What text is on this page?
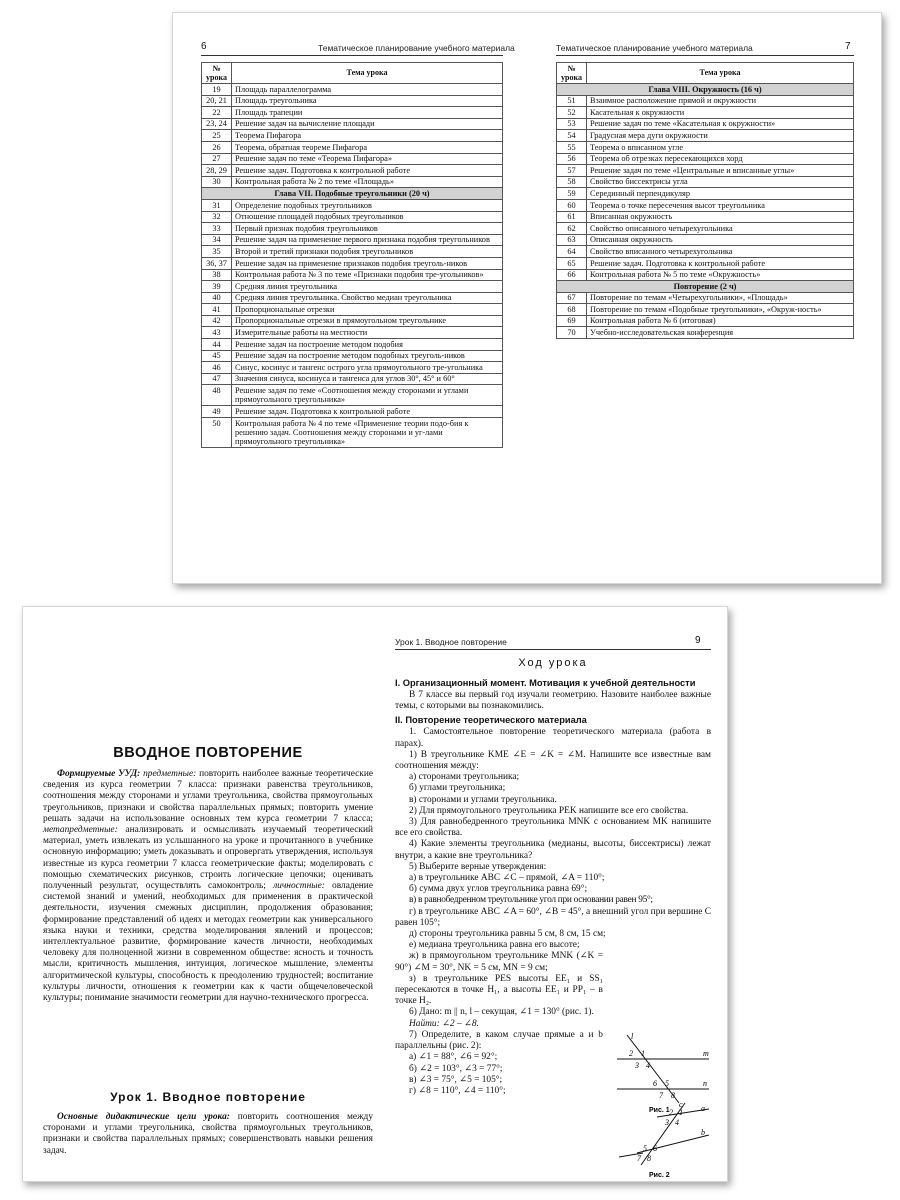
6	Тематическое планирование учебного материала	Тематическое планирование учебного материала	7
№ урока	Тема урока
19	Площадь параллелограмма
20, 21	Площадь треугольника
22	Площадь трапеции
23, 24	Решение задач на вычисление площади
25	Теорема Пифагора
26	Теорема, обратная теореме Пифагора
27	Решение задач по теме «Теорема Пифагора»
28, 29	Решение задач. Подготовка к контрольной работе
30	Контрольная работа № 2 по теме «Площадь»
Глава VII. Подобные треугольники (20 ч)	
31	Определение подобных треугольников
32	Отношение площадей подобных треугольников
33	Первый признак подобия треугольников
34	Решение задач на применение первого признака подобия треугольников
35	Второй и третий признаки подобия треугольников
36, 37	Решение задач на применение признаков подобия треуголь-ников
38	Контрольная работа № 3 по теме «Признаки подобия тре-угольников»
39	Средняя линия треугольника
40	Средняя линия треугольника. Свойство медиан треугольника
41	Пропорциональные отрезки
42	Пропорциональные отрезки в прямоугольном треугольнике
43	Измерительные работы на местности
44	Решение задач на построение методом подобия
45	Решение задач на построение методом подобных треуголь-ников
46	Синус, косинус и тангенс острого угла прямоугольного тре-угольника
47	Значения синуса, косинуса и тангенса для углов 30°, 45° и 60°
48	Решение задач по теме «Соотношения между сторонами и углами прямоугольного треугольника»
49	Решение задач. Подготовка к контрольной работе
50	Контрольная работа № 4 по теме «Применение теории подо-бия к решению задач. Соотношения между сторонами и уг-лами прямоугольного треугольника»
№ урока	Тема урока
Глава VIII. Окружность (16 ч)	
51	Взаимное расположение прямой и окружности
52	Касательная к окружности
53	Решение задач по теме «Касательная к окружности»
54	Градусная мера дуги окружности
55	Теорема о вписанном угле
56	Теорема об отрезках пересекающихся хорд
57	Решение задач по теме «Центральные и вписанные углы»
58	Свойство биссектрисы угла
59	Серединный перпендикуляр
60	Теорема о точке пересечения высот треугольника
61	Вписанная окружность
62	Свойство описанного четырехугольника
63	Описанная окружность
64	Свойство вписанного четырехугольника
65	Решение задач. Подготовка к контрольной работе
66	Контрольная работа № 5 по теме «Окружность»
Повторение (2 ч)	
67	Повторение по темам «Четырехугольники», «Площадь»
68	Повторение по темам «Подобные треугольники», «Окруж-ность»
69	Контрольная работа № 6 (итоговая)
70	Учебно-исследовательская конференция
ВВОДНОЕ ПОВТОРЕНИЕ

Формируемые УУД: предметные: повторить наиболее важные теоретические сведения из курса геометрии 7 класса: признаки равенства треугольников, соотношения между сторонами и углами треугольника, свойства прямоугольных треугольников, признаки и свойства параллельных прямых; повторить умение решать задачи на использование основных тем курса геометрии 7 класса; метапредметные: анализировать и осмысливать изучаемый теоретический материал, уметь извлекать из услышанного на уроке и прочитанного в учебнике основную информацию; уметь доказывать и опровергать утверждения, используя известные из курса геометрии 7 класса геометрические факты; моделировать с помощью схематических рисунков, строить логические цепочки; оценивать полученный результат, осуществлять самоконтроль; личностные: овладение системой знаний и умений, необходимых для применения в практической деятельности, изучения смежных дисциплин, продолжения образования; формирование представлений об идеях и методах геометрии как универсального языка науки и техники, средства моделирования явлений и процессов; интеллектуальное развитие, формирование качеств личности, необходимых человеку для полноценной жизни в современном обществе: ясность и точность мысли, критичность мышления, интуиция, логическое мышление, элементы алгоритмической культуры, способность к преодолению трудностей; воспитание культуры личности, отношения к геометрии как к части общечеловеческой культуры; понимание значимости геометрии для научно-технического прогресса.

Урок 1. Вводное повторение

Основные дидактические цели урока: повторить соотношения между сторонами и углами треугольника, свойства прямоугольных треугольников, признаки и свойства параллельных прямых; совершенствовать навыки решения задач.

Урок 1. Вводное повторение	9
Ход урока
I. Организационный момент. Мотивация к учебной деятельности

В 7 классе вы первый год изучали геометрию. Назовите наиболее важные темы, с которыми вы познакомились.

II. Повторение теоретического материала

1. Самостоятельное повторение теоретического материала (работа в парах).

1) В треугольнике KME ∠E = ∠K = ∠M. Напишите все известные вам соотношения между:

а) сторонами треугольника;

б) углами треугольника;

в) сторонами и углами треугольника.

2) Для прямоугольного треугольника PEK напишите все его свойства.

3) Для равнобедренного треугольника MNK с основанием MK напишите все его свойства.

4) Какие элементы треугольника (медианы, высоты, биссектрисы) лежат внутри, а какие вне треугольника?

5) Выберите верные утверждения:

а) в треугольнике ABC ∠C – прямой, ∠A = 110°;

б) сумма двух углов треугольника равна 69°;

в) в равнобедренном треугольнике угол при основании равен 95°;

г) в треугольнике ABC ∠A = 60°, ∠B = 45°, а внешний угол при вершине C равен 105°;

д) стороны треугольника равны 5 см, 8 см, 15 см;

е) медиана треугольника равна его высоте;

ж) в прямоугольном треугольнике MNK (∠K = 90°) ∠M = 30°, NK = 5 см, MN = 9 см;

з) в треугольнике PES высоты EE₁ и SS₁ пересекаются в точке H₁, а высоты EE₁ и PP₁ – в точке H₂.

6) Дано: m || n, l – секущая, ∠1 = 130° (рис. 1).

Найти: ∠2 – ∠8.

7) Определите, в каком случае прямые a и b параллельны (рис. 2):

а) ∠1 = 88°, ∠6 = 92°;

б) ∠2 = 103°, ∠3 = 77°;

в) ∠3 = 75°, ∠5 = 105°;

г) ∠8 = 110°, ∠4 = 110°;

l
m
n
2 1
3 4
6 5
7 8
Рис. 1
c a
b
2 1
3 4
5 6
7 8
Рис. 2
